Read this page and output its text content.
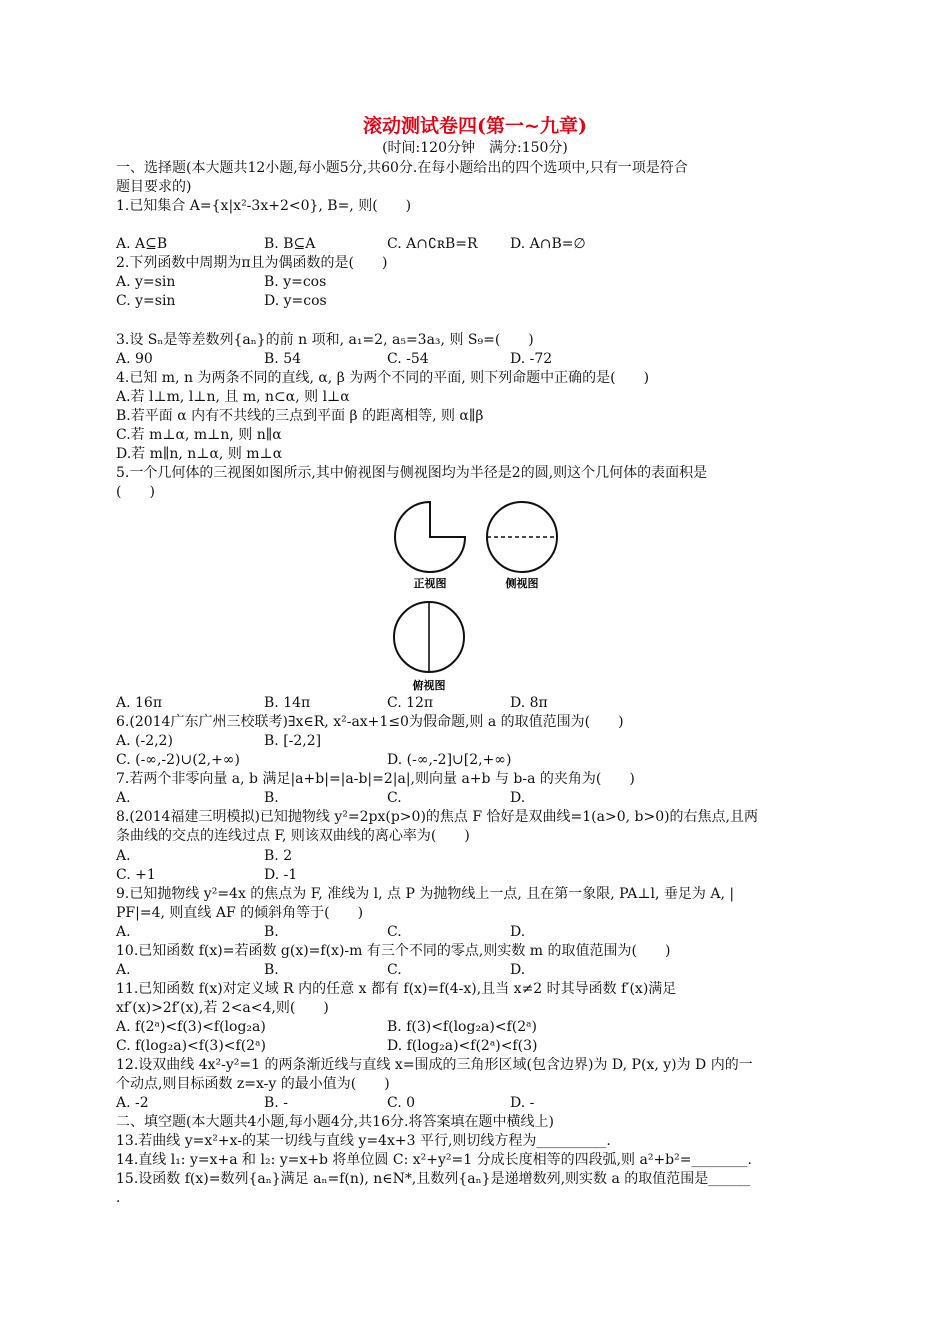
滚动测试卷四(第一~九章)
(时间:120分钟　满分:150分)
一、选择题(本大题共12小题,每小题5分,共60分.在每小题给出的四个选项中,只有一项是符合
题目要求的)
1.已知集合 A={x|x²-3x+2<0}, B=, 则(　　)
A. A⊆B	B. B⊆A	C. A∩∁ʀB=R D. A∩B=∅
2.下列函数中周期为π且为偶函数的是(　　)
A. y=sin	B. y=cos
C. y=sin	D. y=cos
3.设 Sₙ是等差数列{aₙ}的前 n 项和, a₁=2, a₅=3a₃, 则 S₉=(　　)
A. 90	B. 54	C. -54	D. -72
4.已知 m, n 为两条不同的直线, α, β 为两个不同的平面, 则下列命题中正确的是(　　)
A.若 l⊥m, l⊥n, 且 m, n⊂α, 则 l⊥α
B.若平面 α 内有不共线的三点到平面 β 的距离相等, 则 α∥β
C.若 m⊥α, m⊥n, 则 n∥α
D.若 m∥n, n⊥α, 则 m⊥α
5.一个几何体的三视图如图所示,其中俯视图与侧视图均为半径是2的圆,则这个几何体的表面积是
(　　)
正视图	侧视图
俯视图
A. 16π	B. 14π	C. 12π	D. 8π
6.(2014广东广州三校联考)∃x∈R, x²-ax+1≤0为假命题,则 a 的取值范围为(　　)
A. (-2,2)	B. [-2,2]
C. (-∞,-2)∪(2,+∞)	D. (-∞,-2]∪[2,+∞)
7.若两个非零向量 a, b 满足|a+b|=|a-b|=2|a|,则向量 a+b 与 b-a 的夹角为(　　)
A.	B.	C.	D.
8.(2014福建三明模拟)已知抛物线 y²=2px(p>0)的焦点 F 恰好是双曲线=1(a>0, b>0)的右焦点,且两
条曲线的交点的连线过点 F, 则该双曲线的离心率为(　　)
A.	B. 2
C. +1	D. -1
9.已知抛物线 y²=4x 的焦点为 F, 准线为 l, 点 P 为抛物线上一点, 且在第一象限, PA⊥l, 垂足为 A, |
PF|=4, 则直线 AF 的倾斜角等于(　　)
A.	B.	C.	D.
10.已知函数 f(x)=若函数 g(x)=f(x)-m 有三个不同的零点,则实数 m 的取值范围为(　　)
A.	B.	C.	D.
11.已知函数 f(x)对定义域 R 内的任意 x 都有 f(x)=f(4-x),且当 x≠2 时其导函数 f′(x)满足
xf′(x)>2f′(x),若 2<a<4,则(　　)
A. f(2ᵃ)<f(3)<f(log₂a)	B. f(3)<f(log₂a)<f(2ᵃ)
C. f(log₂a)<f(3)<f(2ᵃ)	D. f(log₂a)<f(2ᵃ)<f(3)
12.设双曲线 4x²-y²=1 的两条渐近线与直线 x=围成的三角形区域(包含边界)为 D, P(x, y)为 D 内的一
个动点,则目标函数 z=x-y 的最小值为(　　)
A. -2	B. -	C. 0	D. -
二、填空题(本大题共4小题,每小题4分,共16分.将答案填在题中横线上)
13.若曲线 y=x²+x-的某一切线与直线 y=4x+3 平行,则切线方程为__________.
14.直线 l₁: y=x+a 和 l₂: y=x+b 将单位圆 C: x²+y²=1 分成长度相等的四段弧,则 a²+b²=________.
15.设函数 f(x)=数列{aₙ}满足 aₙ=f(n), n∈N*,且数列{aₙ}是递增数列,则实数 a 的取值范围是______
.
